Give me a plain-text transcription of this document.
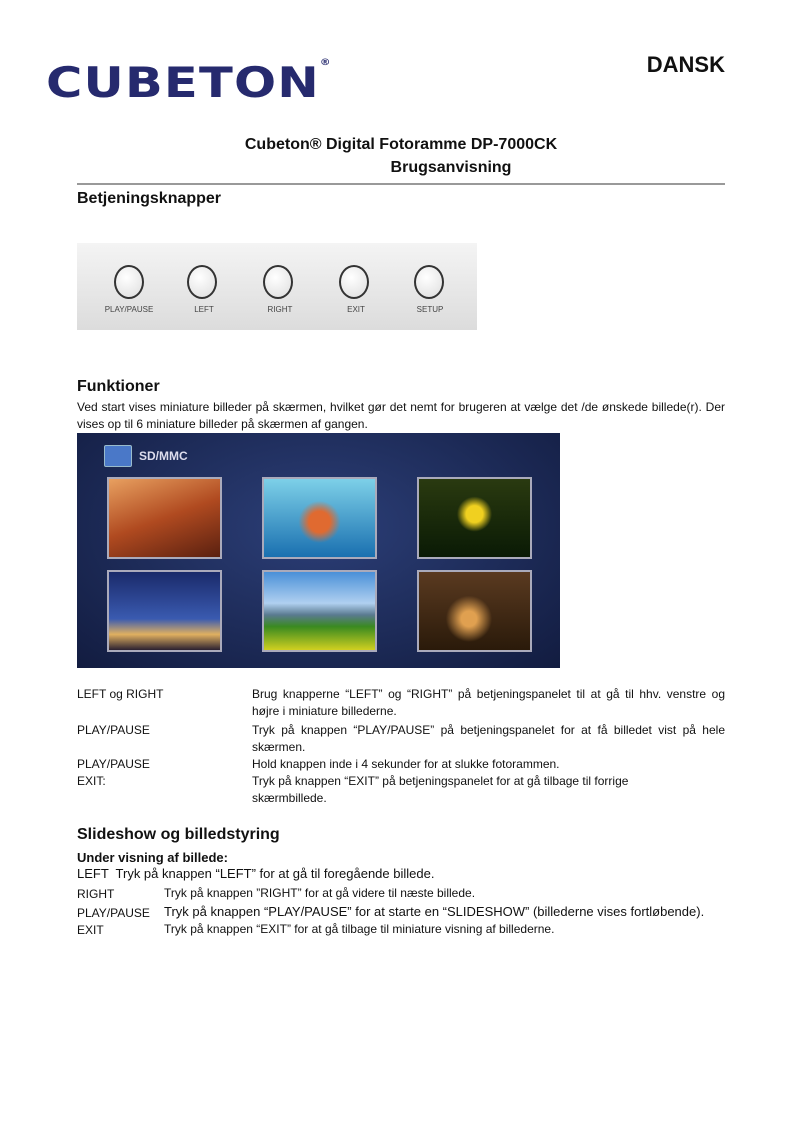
CUBETON®	DANSK
Cubeton® Digital Fotoramme DP-7000CK
Brugsanvisning
Betjeningsknapper
PLAY/PAUSE	LEFT	RIGHT	EXIT	SETUP
Funktioner
Ved start vises miniature billeder på skærmen, hvilket gør det nemt for brugeren at vælge det /de ønskede billede(r). Der vises op til 6 miniature billeder på skærmen af gangen.
SD/MMC
LEFT og RIGHT	Brug knapperne “LEFT” og “RIGHT” på betjeningspanelet til at gå til hhv. venstre og højre i miniature billederne.
PLAY/PAUSE	Tryk på knappen “PLAY/PAUSE” på betjeningspanelet for at få billedet vist på hele skærmen.
PLAY/PAUSE	Hold knappen inde i 4 sekunder for at slukke fotorammen.
EXIT:	Tryk på knappen “EXIT” på betjeningspanelet for at gå tilbage til forrige skærmbillede.
Slideshow og billedstyring
Under visning af billede:
LEFT  Tryk på knappen “LEFT” for at gå til foregående billede.
RIGHT	Tryk på knappen ”RIGHT” for at gå videre til næste billede.
PLAY/PAUSE Tryk på knappen “PLAY/PAUSE” for at starte en “SLIDESHOW” (billederne vises fortløbende).
EXIT	Tryk på knappen “EXIT” for at gå tilbage til miniature visning af billederne.
